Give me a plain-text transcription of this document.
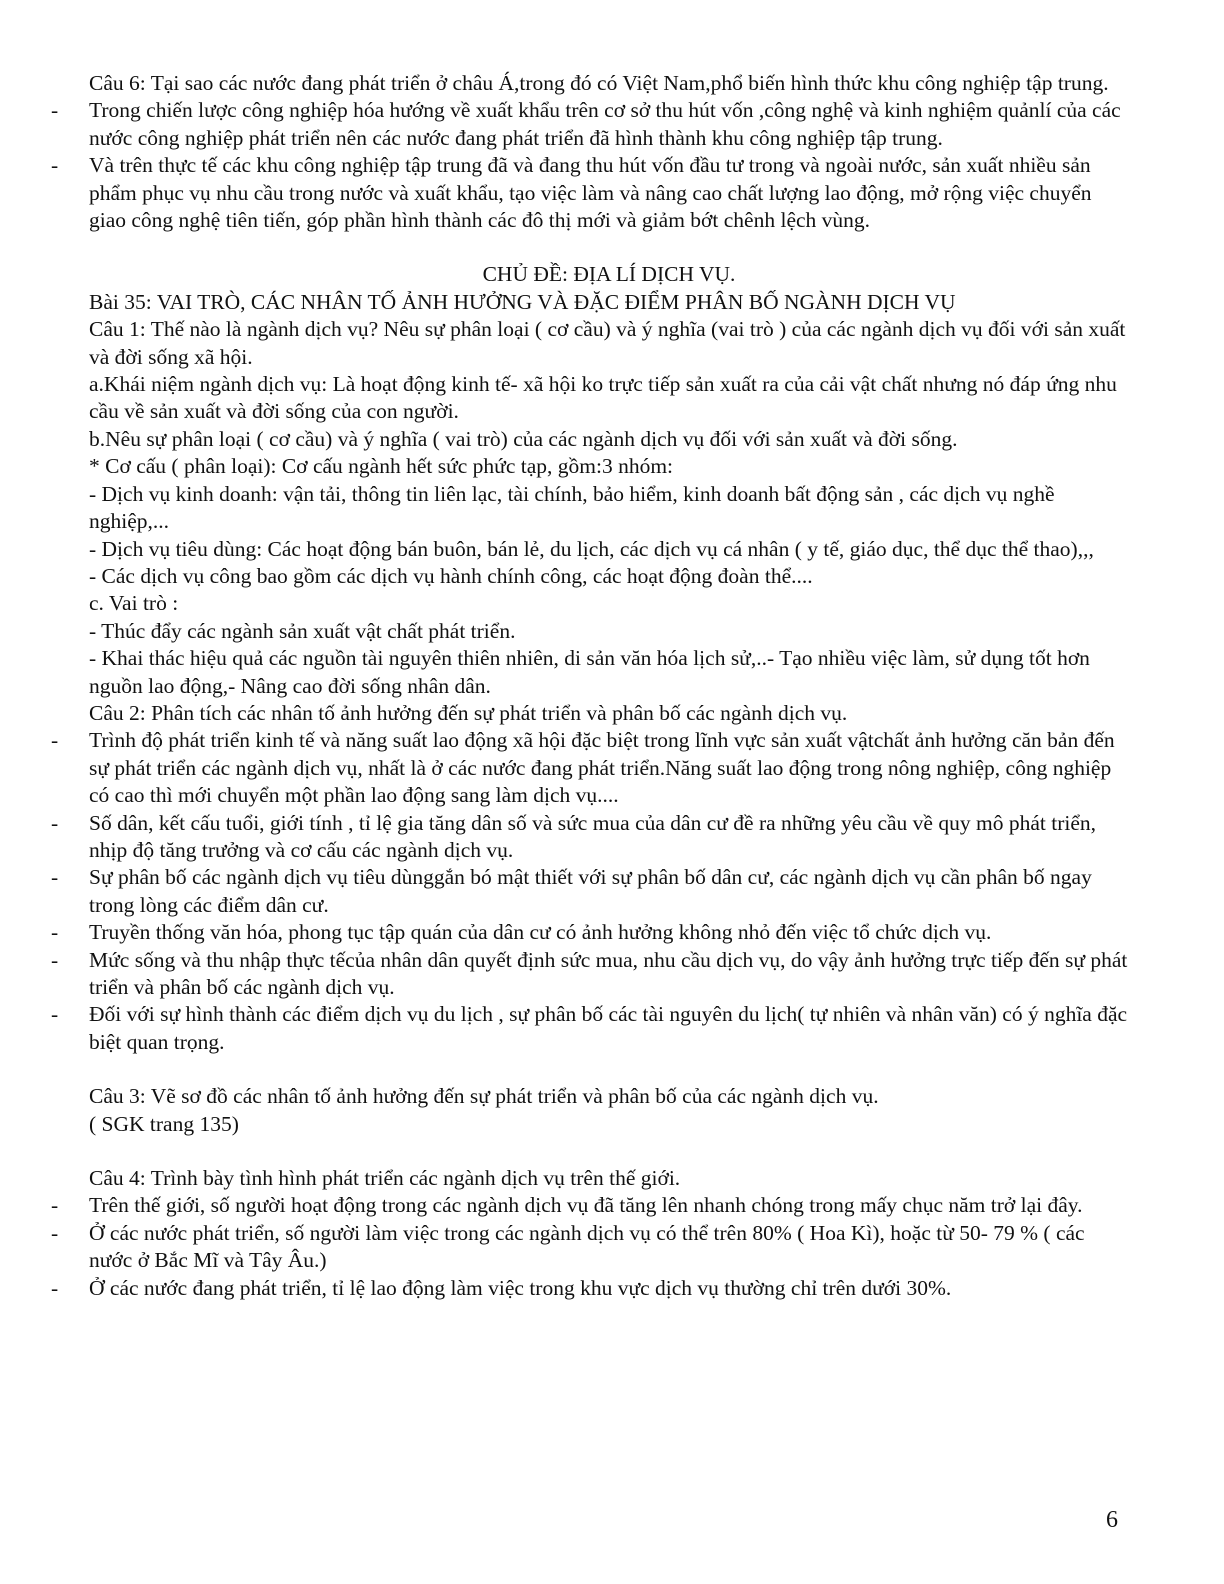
Câu 6: Tại sao các nước đang phát triển ở châu Á,trong đó có Việt Nam,phổ biến hình thức khu công nghiệp tập trung.

- Trong chiến lược công nghiệp hóa hướng về xuất khẩu trên cơ sở thu hút vốn ,công nghệ và kinh nghiệm quảnlí của các nước công nghiệp phát triển nên các nước đang phát triển đã hình thành khu công nghiệp tập trung.
- Và trên thực tế các khu công nghiệp tập trung đã và đang thu hút vốn đầu tư trong và ngoài nước, sản xuất nhiều sản phẩm phục vụ nhu cầu trong nước và xuất khẩu, tạo việc làm và nâng cao chất lượng lao động, mở rộng việc chuyển giao công nghệ tiên tiến, góp phần hình thành các đô thị mới và giảm bớt chênh lệch vùng.

CHỦ ĐỀ: ĐỊA LÍ DỊCH VỤ.

Bài 35: VAI TRÒ, CÁC NHÂN TỐ ẢNH HƯỞNG VÀ ĐẶC ĐIỂM PHÂN BỐ NGÀNH DỊCH VỤ

Câu 1: Thế nào là ngành dịch vụ? Nêu sự phân loại ( cơ cầu) và ý nghĩa (vai trò ) của các ngành dịch vụ đối với sản xuất và đời sống xã hội.

a.Khái niệm ngành dịch vụ: Là hoạt động kinh tế- xã hội ko trực tiếp sản xuất ra của cải vật chất nhưng nó đáp ứng nhu cầu về sản xuất và đời sống của con người.

b.Nêu sự phân loại ( cơ cầu) và ý nghĩa ( vai trò) của các ngành dịch vụ đối với sản xuất và đời sống.

* Cơ cấu ( phân loại): Cơ cấu ngành hết sức phức tạp, gồm:3 nhóm:

- Dịch vụ kinh doanh: vận tải, thông tin liên lạc, tài chính, bảo hiểm, kinh doanh bất động sản , các dịch vụ nghề nghiệp,...

- Dịch vụ tiêu dùng: Các hoạt động bán buôn, bán lẻ, du lịch, các dịch vụ cá nhân ( y tế, giáo dục, thể dục thể thao),,,

- Các dịch vụ công bao gồm các dịch vụ hành chính công, các hoạt động đoàn thể....

c. Vai trò :

- Thúc đẩy các ngành sản xuất vật chất phát triển.

- Khai thác hiệu quả các nguồn tài nguyên thiên nhiên, di sản văn hóa lịch sử,..- Tạo nhiều việc làm, sử dụng tốt hơn nguồn lao động,- Nâng cao đời sống nhân dân.

Câu 2: Phân tích các nhân tố ảnh hưởng đến sự phát triển và phân bố các ngành dịch vụ.

- Trình độ phát triển kinh tế và năng suất lao động xã hội đặc biệt trong lĩnh vực sản xuất vậtchất ảnh hưởng căn bản đến sự phát triển các ngành dịch vụ, nhất là ở các nước đang phát triển.Năng suất lao động trong nông nghiệp, công nghiệp có cao thì mới chuyển một phần lao động sang làm dịch vụ....
- Số dân, kết cấu tuổi, giới tính , tỉ lệ gia tăng dân số và sức mua của dân cư đề ra những yêu cầu về quy mô phát triển, nhịp độ tăng trưởng và cơ cấu các ngành dịch vụ.
- Sự phân bố các ngành dịch vụ tiêu dùnggắn bó mật thiết với sự phân bố dân cư, các ngành dịch vụ cần phân bố ngay trong lòng các điểm dân cư.
- Truyền thống văn hóa, phong tục tập quán của dân cư có ảnh hưởng không nhỏ đến việc tổ chức dịch vụ.
- Mức sống và thu nhập thực tếcủa nhân dân quyết định sức mua, nhu cầu dịch vụ, do vậy ảnh hưởng trực tiếp đến sự phát triển và phân bố các ngành dịch vụ.
- Đối với sự hình thành các điểm dịch vụ du lịch , sự phân bố các tài nguyên du lịch( tự nhiên và nhân văn) có ý nghĩa đặc biệt quan trọng.

Câu 3: Vẽ sơ đồ các nhân tố ảnh hưởng đến sự phát triển và phân bố của các ngành dịch vụ.

( SGK trang 135)

Câu 4: Trình bày tình hình phát triển các ngành dịch vụ trên thế giới.

- Trên thế giới, số người hoạt động trong các ngành dịch vụ đã tăng lên nhanh chóng trong mấy chục năm trở lại đây.
- Ở các nước phát triển, số người làm việc trong các ngành dịch vụ có thể trên 80% ( Hoa Kì), hoặc từ 50- 79 % ( các nước ở Bắc Mĩ và Tây Âu.)
- Ở các nước đang phát triển, tỉ lệ lao động làm việc trong khu vực dịch vụ thường chỉ trên dưới 30%.
6
